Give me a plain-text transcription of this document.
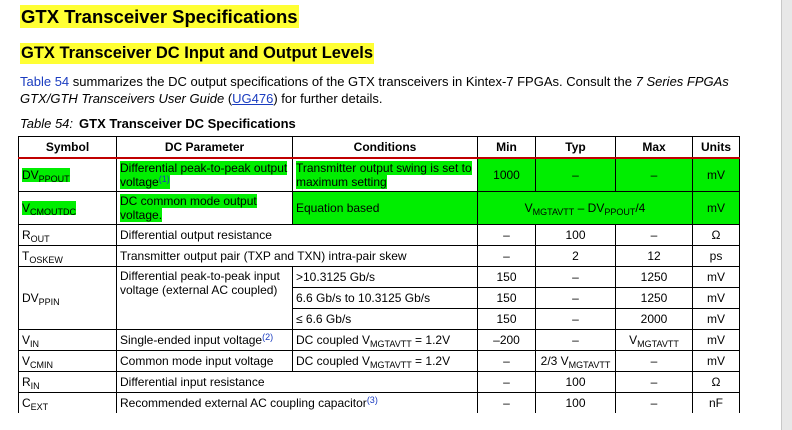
GTX Transceiver Specifications
GTX Transceiver DC Input and Output Levels
Table 54 summarizes the DC output specifications of the GTX transceivers in Kintex-7 FPGAs. Consult the 7 Series FPGAs GTX/GTH Transceivers User Guide (UG476) for further details.
Table 54: GTX Transceiver DC Specifications
Symbol	DC Parameter	Conditions	Min	Typ	Max	Units
$DV_{PPOUT}$	Differential peak-to-peak output voltage$^{(1)}$	Transmitter output swing is set to maximum setting	1000	–	–	mV
$V_{CMOUTDC}$	DC common mode output voltage.	Equation based	$V_{MGTAVTT} - DV_{PPOUT}/4$			mV
$R_{OUT}$	Differential output resistance		–	100	–	Ω
$T_{OSKEW}$	Transmitter output pair (TXP and TXN) intra-pair skew		–	2	12	ps
$DV_{PPIN}$	Differential peak-to-peak input voltage (external AC coupled)	>10.3125 Gb/s	150	–	1250	mV
		6.6 Gb/s to 10.3125 Gb/s	150	–	1250	mV
		≤ 6.6 Gb/s	150	–	2000	mV
$V_{IN}$	Single-ended input voltage$^{(2)}$	DC coupled $V_{MGTAVTT} = 1.2V$	–200	–	$V_{MGTAVTT}$	mV
$V_{CMIN}$	Common mode input voltage	DC coupled $V_{MGTAVTT} = 1.2V$	–	2/3 $V_{MGTAVTT}$	–	mV
$R_{IN}$	Differential input resistance		–	100	–	Ω
$C_{EXT}$	Recommended external AC coupling capacitor$^{(3)}$		–	100	–	nF
